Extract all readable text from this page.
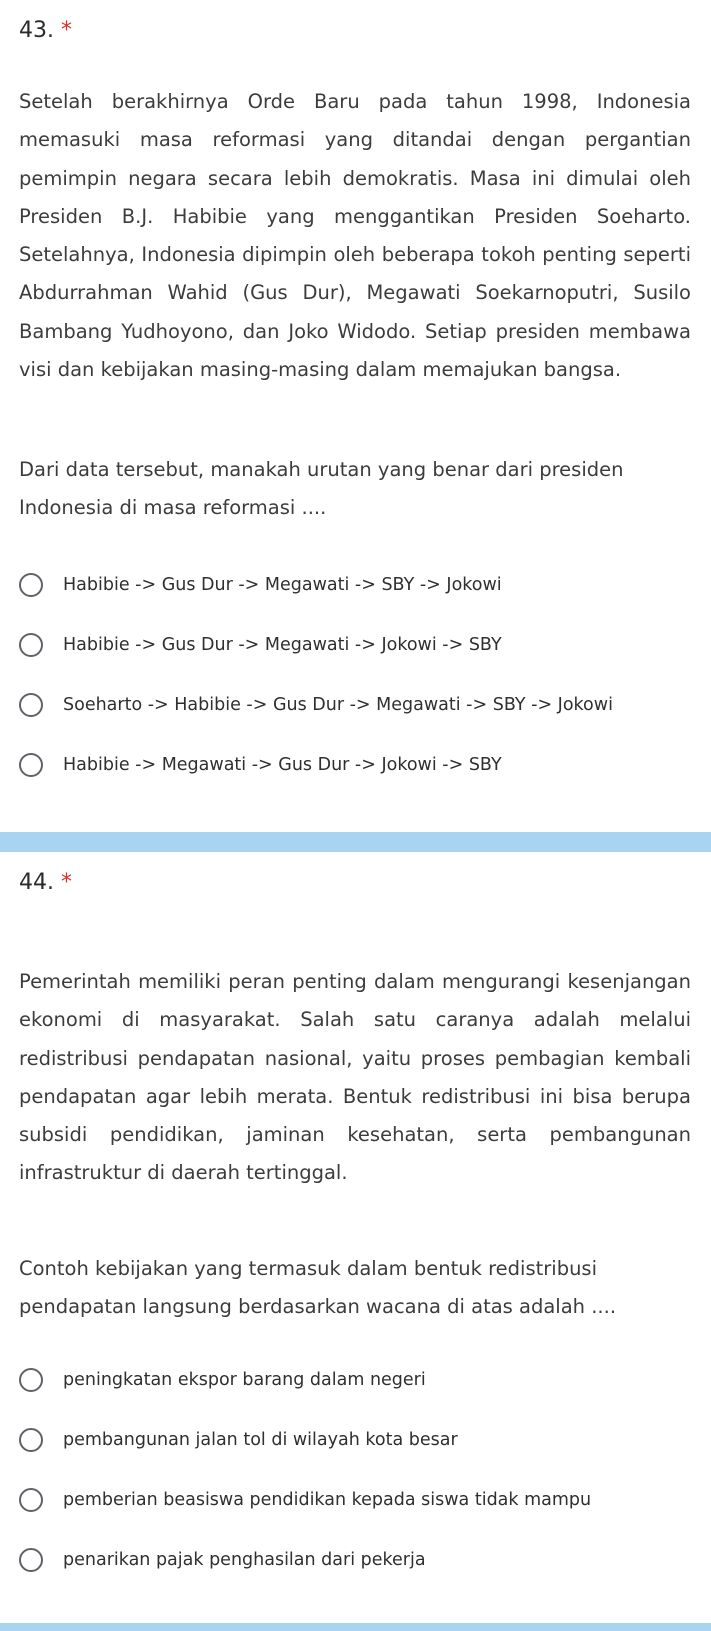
43. *
Setelah berakhirnya Orde Baru pada tahun 1998, Indonesia memasuki masa reformasi yang ditandai dengan pergantian pemimpin negara secara lebih demokratis. Masa ini dimulai oleh Presiden B.J. Habibie yang menggantikan Presiden Soeharto. Setelahnya, Indonesia dipimpin oleh beberapa tokoh penting seperti Abdurrahman Wahid (Gus Dur), Megawati Soekarnoputri, Susilo Bambang Yudhoyono, dan Joko Widodo. Setiap presiden membawa visi dan kebijakan masing-masing dalam memajukan bangsa.
Dari data tersebut, manakah urutan yang benar dari presiden Indonesia di masa reformasi ....
Habibie -> Gus Dur -> Megawati -> SBY -> Jokowi
Habibie -> Gus Dur -> Megawati -> Jokowi -> SBY
Soeharto -> Habibie -> Gus Dur -> Megawati -> SBY -> Jokowi
Habibie -> Megawati -> Gus Dur -> Jokowi -> SBY
44. *
Pemerintah memiliki peran penting dalam mengurangi kesenjangan ekonomi di masyarakat. Salah satu caranya adalah melalui redistribusi pendapatan nasional, yaitu proses pembagian kembali pendapatan agar lebih merata. Bentuk redistribusi ini bisa berupa subsidi pendidikan, jaminan kesehatan, serta pembangunan infrastruktur di daerah tertinggal.
Contoh kebijakan yang termasuk dalam bentuk redistribusi pendapatan langsung berdasarkan wacana di atas adalah ....
peningkatan ekspor barang dalam negeri
pembangunan jalan tol di wilayah kota besar
pemberian beasiswa pendidikan kepada siswa tidak mampu
penarikan pajak penghasilan dari pekerja
